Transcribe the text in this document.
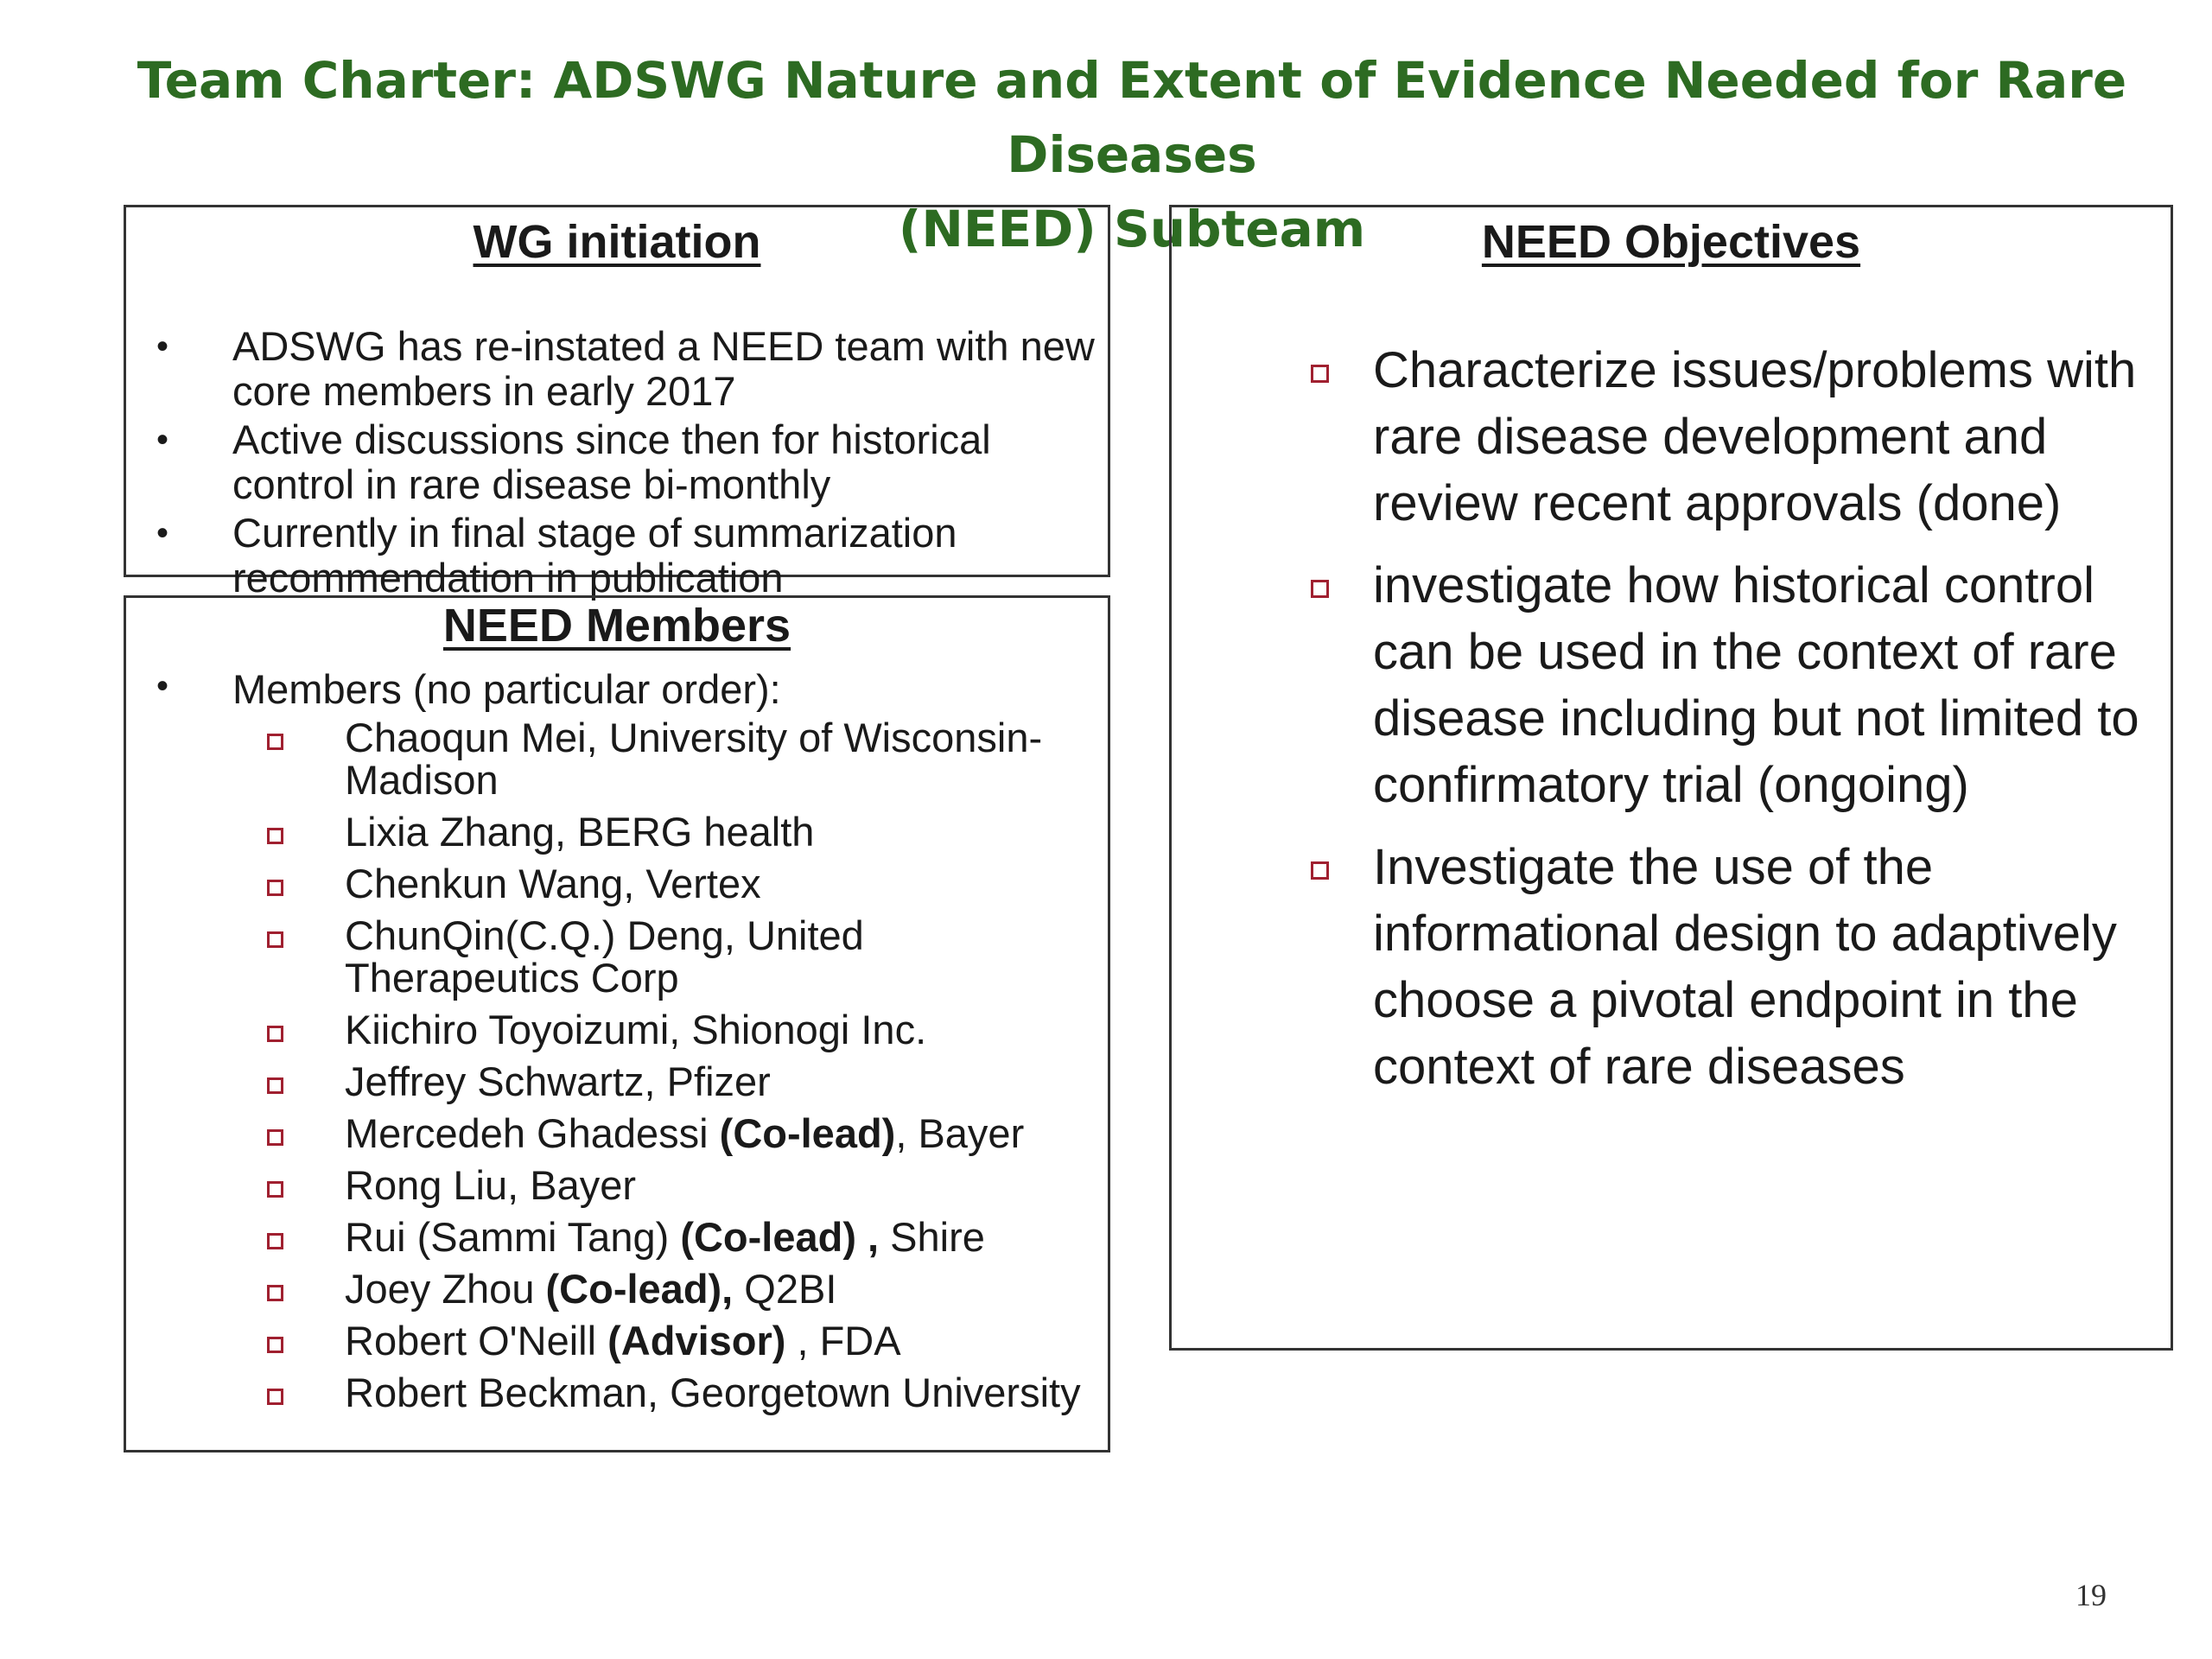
Team Charter: ADSWG Nature and Extent of Evidence Needed for Rare Diseases
(NEED) Subteam
WG initiation
• ADSWG has re-instated a NEED team with new core members in early 2017
• Active discussions since then for historical control in rare disease bi-monthly
• Currently in final stage of summarization recommendation in publication
NEED Members
• Members (no particular order):
Chaoqun Mei, University of Wisconsin-Madison
Lixia Zhang, BERG health
Chenkun Wang, Vertex
ChunQin(C.Q.) Deng, United Therapeutics Corp
Kiichiro Toyoizumi, Shionogi Inc.
Jeffrey Schwartz, Pfizer
Mercedeh Ghadessi (Co-lead), Bayer
Rong Liu, Bayer
Rui (Sammi Tang) (Co-lead) , Shire
Joey Zhou (Co-lead), Q2BI
Robert O'Neill (Advisor) , FDA
Robert Beckman, Georgetown University
NEED Objectives
Characterize issues/problems with rare disease development and review recent approvals (done)
investigate how historical control can be used in the context of rare disease including but not limited to confirmatory trial (ongoing)
Investigate the use of the informational design to adaptively choose a pivotal endpoint in the context of rare diseases
19
